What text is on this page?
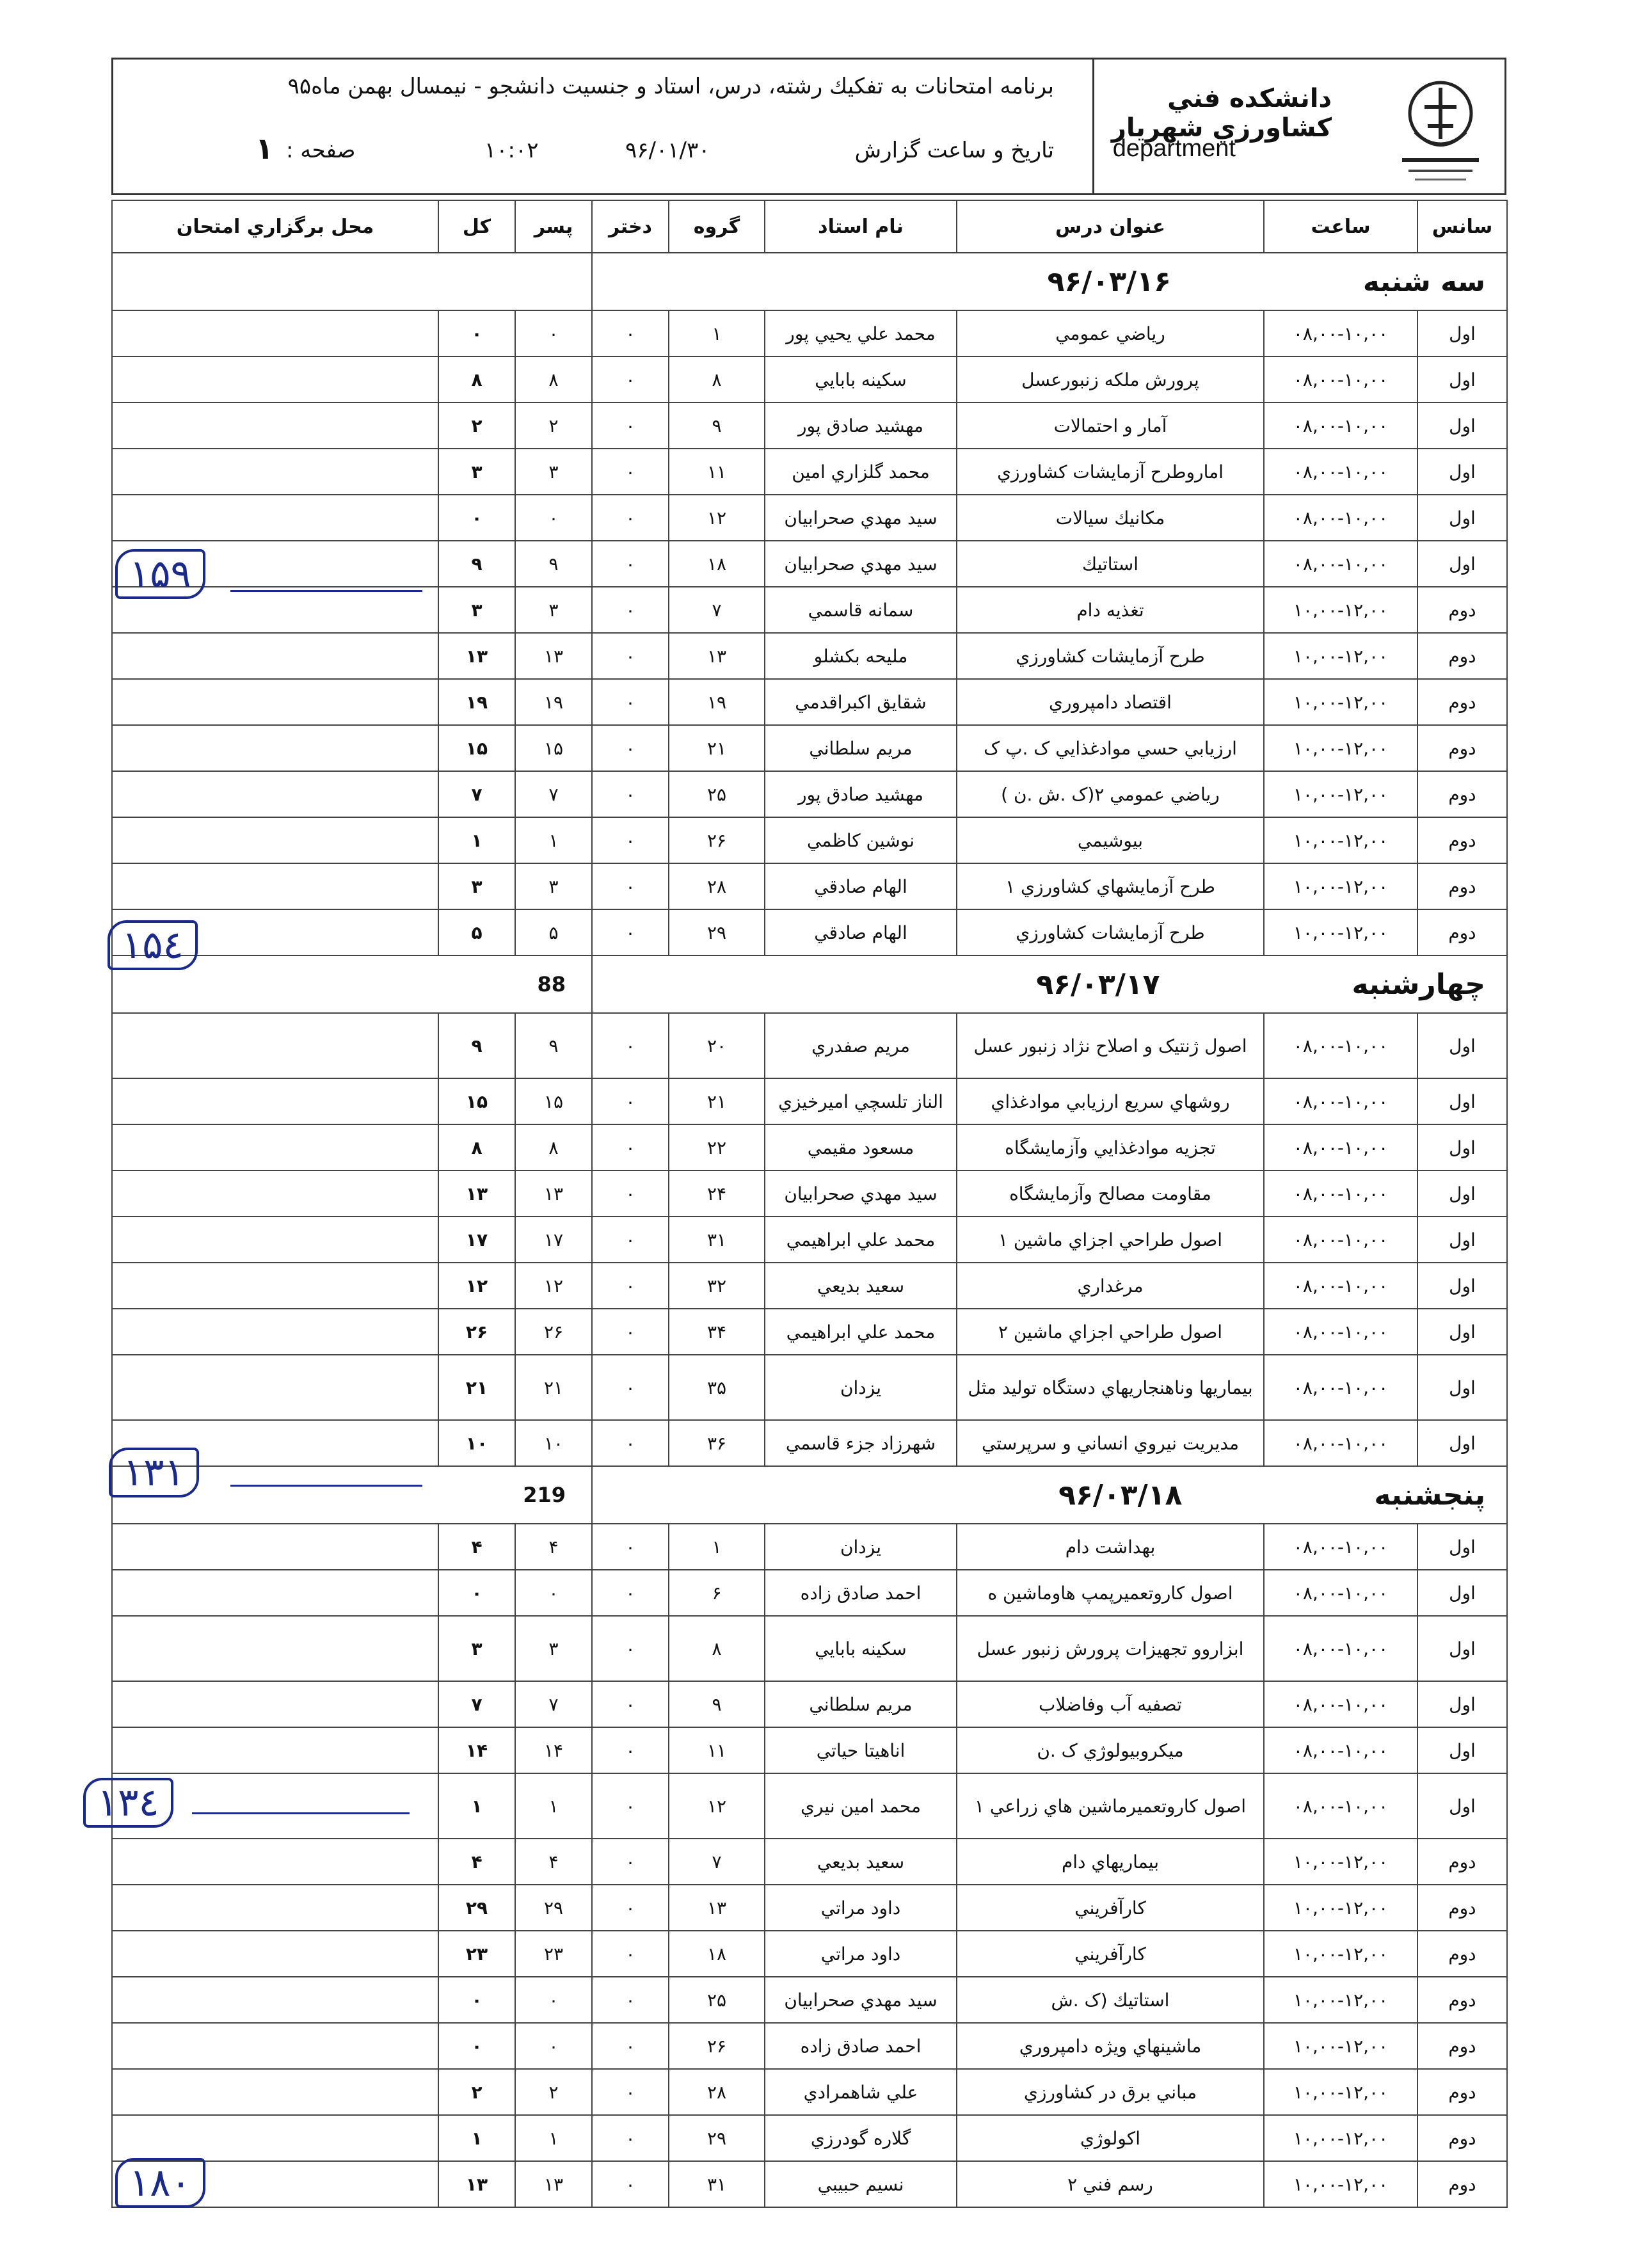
برنامه امتحانات به تفكيك رشته، درس، استاد و جنسيت دانشجو - نيمسال بهمن ماه۹۵
تاريخ و ساعت گزارش
۹۶/۰۱/۳۰
۱۰:۰۲
صفحه :
۱
دانشكده فني كشاورزي شهريار
department
سانس	ساعت	عنوان درس	نام استاد	گروه	دختر	پسر	كل	محل برگزاري امتحان
سه شنبه۹۶/۰۳/۱۶								
اول	۰۸,۰۰-۱۰,۰۰	رياضي عمومي	محمد علي يحيي پور	۱	۰	۰	۰	
اول	۰۸,۰۰-۱۰,۰۰	پرورش ملكه زنبورعسل	سكينه بابايي	۸	۰	۸	۸	
اول	۰۸,۰۰-۱۰,۰۰	آمار و احتمالات	مهشيد صادق پور	۹	۰	۲	۲	
اول	۰۸,۰۰-۱۰,۰۰	امارو‌طرح آزمايشات كشاورزي	محمد گلزاري امين	۱۱	۰	۳	۳	
اول	۰۸,۰۰-۱۰,۰۰	مكانيك سيالات	سيد مهدي صحرابيان	۱۲	۰	۰	۰	
اول	۰۸,۰۰-۱۰,۰۰	استاتيك	سيد مهدي صحرابيان	۱۸	۰	۹	۹	
دوم	۱۰,۰۰-۱۲,۰۰	تغذيه دام	سمانه قاسمي	۷	۰	۳	۳	
دوم	۱۰,۰۰-۱۲,۰۰	طرح آزمايشات كشاورزي	مليحه بكشلو	۱۳	۰	۱۳	۱۳	
دوم	۱۰,۰۰-۱۲,۰۰	اقتصاد دامپروري	شقايق اكبراقدمي	۱۹	۰	۱۹	۱۹	
دوم	۱۰,۰۰-۱۲,۰۰	ارزيابي حسي موادغذايي ک .پ ک	مريم سلطاني	۲۱	۰	۱۵	۱۵	
دوم	۱۰,۰۰-۱۲,۰۰	رياضي عمومي ۲(ک .ش .ن )	مهشيد صادق پور	۲۵	۰	۷	۷	
دوم	۱۰,۰۰-۱۲,۰۰	بيوشيمي	نوشين كاظمي	۲۶	۰	۱	۱	
دوم	۱۰,۰۰-۱۲,۰۰	طرح آزمايشهاي كشاورزي ۱	الهام صادقي	۲۸	۰	۳	۳	
دوم	۱۰,۰۰-۱۲,۰۰	طرح آزمايشات كشاورزي	الهام صادقي	۲۹	۰	۵	۵	
چهارشنبه۹۶/۰۳/۱۷						88		
اول	۰۸,۰۰-۱۰,۰۰	اصول ژنتيک و اصلاح نژاد زنبور عسل	مريم صفدري	۲۰	۰	۹	۹	
اول	۰۸,۰۰-۱۰,۰۰	روشهاي سريع ارزيابي موادغذاي	الناز تلسچي اميرخيزي	۲۱	۰	۱۵	۱۵	
اول	۰۸,۰۰-۱۰,۰۰	تجزيه موادغذايي وآزمايشگاه	مسعود مقيمي	۲۲	۰	۸	۸	
اول	۰۸,۰۰-۱۰,۰۰	مقاومت مصالح وآزمايشگاه	سيد مهدي صحرابيان	۲۴	۰	۱۳	۱۳	
اول	۰۸,۰۰-۱۰,۰۰	اصول طراحي اجزاي ماشين ۱	محمد علي ابراهيمي	۳۱	۰	۱۷	۱۷	
اول	۰۸,۰۰-۱۰,۰۰	مرغداري	سعيد بديعي	۳۲	۰	۱۲	۱۲	
اول	۰۸,۰۰-۱۰,۰۰	اصول طراحي اجزاي ماشين ۲	محمد علي ابراهيمي	۳۴	۰	۲۶	۲۶	
اول	۰۸,۰۰-۱۰,۰۰	بيماريها وناهنجاريهاي دستگاه توليد مثل	يزدان	۳۵	۰	۲۱	۲۱	
اول	۰۸,۰۰-۱۰,۰۰	مديريت نيروي انساني و سرپرستي	شهرزاد جزء قاسمي	۳۶	۰	۱۰	۱۰	
پنجشنبه۹۶/۰۳/۱۸						219		
اول	۰۸,۰۰-۱۰,۰۰	بهداشت دام	يزدان	۱	۰	۴	۴	
اول	۰۸,۰۰-۱۰,۰۰	اصول كاروتعميرپمپ هاوماشين ه	احمد صادق زاده	۶	۰	۰	۰	
اول	۰۸,۰۰-۱۰,۰۰	ابزاروو تجهيزات پرورش زنبور عسل	سكينه بابايي	۸	۰	۳	۳	
اول	۰۸,۰۰-۱۰,۰۰	تصفيه آب وفاضلاب	مريم سلطاني	۹	۰	۷	۷	
اول	۰۸,۰۰-۱۰,۰۰	ميكروبيولوژي ک .ن	اناهيتا حياتي	۱۱	۰	۱۴	۱۴	
اول	۰۸,۰۰-۱۰,۰۰	اصول كاروتعميرماشين هاي زراعي ۱	محمد امين نيري	۱۲	۰	۱	۱	
دوم	۱۰,۰۰-۱۲,۰۰	بيماريهاي دام	سعيد بديعي	۷	۰	۴	۴	
دوم	۱۰,۰۰-۱۲,۰۰	كارآفريني	داود مراتي	۱۳	۰	۲۹	۲۹	
دوم	۱۰,۰۰-۱۲,۰۰	كارآفريني	داود مراتي	۱۸	۰	۲۳	۲۳	
دوم	۱۰,۰۰-۱۲,۰۰	استاتيك (ک .ش	سيد مهدي صحرابيان	۲۵	۰	۰	۰	
دوم	۱۰,۰۰-۱۲,۰۰	ماشينهاي ويژه دامپروري	احمد صادق زاده	۲۶	۰	۰	۰	
دوم	۱۰,۰۰-۱۲,۰۰	مباني برق در كشاورزي	علي شاهمرادي	۲۸	۰	۲	۲	
دوم	۱۰,۰۰-۱۲,۰۰	اكولوژي	گلاره گودرزي	۲۹	۰	۱	۱	
دوم	۱۰,۰۰-۱۲,۰۰	رسم فني ۲	نسيم حبيبي	۳۱	۰	۱۳	۱۳	
۱۵۹
۱۵٤
۱۳۱
۱۳٤
۱۸۰
